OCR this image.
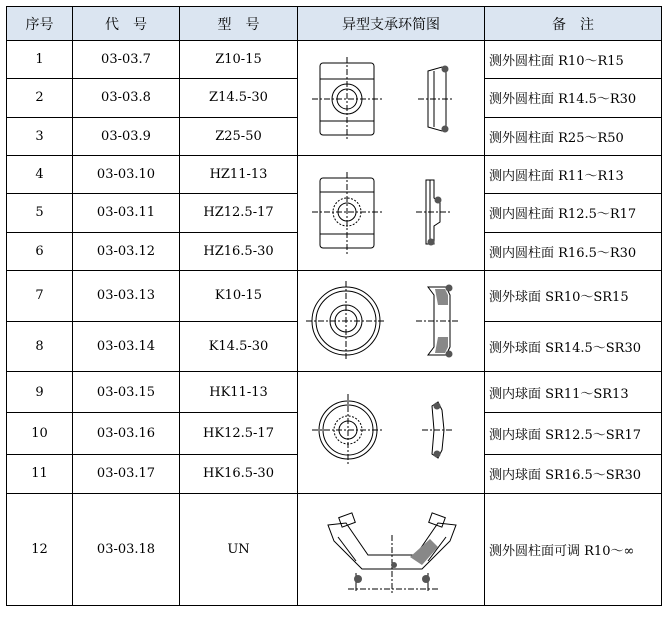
序号	代　号	型　号	异型支承环简图	备　注
1	03-03.7	Z10-15		测外圆柱面 R10～R15
2	03-03.8	Z14.5-30		测外圆柱面 R14.5～R30
3	03-03.9	Z25-50		测外圆柱面 R25～R50
4	03-03.10	HZ11-13		测内圆柱面 R11～R13
5	03-03.11	HZ12.5-17		测内圆柱面 R12.5～R17
6	03-03.12	HZ16.5-30		测内圆柱面 R16.5～R30
7	03-03.13	K10-15		测外球面 SR10～SR15
8	03-03.14	K14.5-30		测外球面 SR14.5～SR30
9	03-03.15	HK11-13		测内球面 SR11～SR13
10	03-03.16	HK12.5-17		测内球面 SR12.5～SR17
11	03-03.17	HK16.5-30		测内球面 SR16.5～SR30
12	03-03.18	UN		测外圆柱面可调 R10～∞
